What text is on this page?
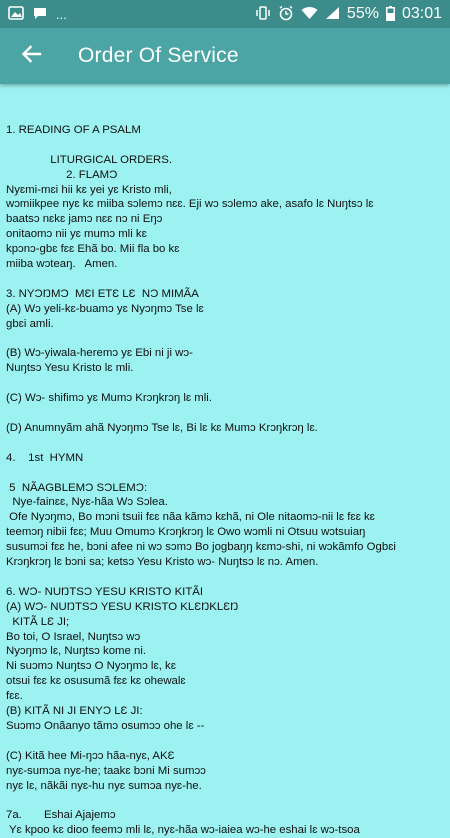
...	55% 03:01
Order Of Service
1. READING OF A PSALM
LITURGICAL ORDERS.
2. FLAMƆ
Nyɛmi-mɛi hii kɛ yei yɛ Kristo mli,
wɔmiikpee nyɛ kɛ miiba sɔlemɔ nɛɛ. Eji wɔ sɔlemɔ ake, asafo lɛ Nuŋtsɔ lɛ
baatsɔ nɛkɛ jamɔ nɛɛ nɔ ni Eŋɔ
onitaomɔ nii yɛ mumɔ mli kɛ
kpɔnɔ-gbɛ fɛɛ Ehã bo. Mii fla bo kɛ
miiba wɔteaŋ.   Amen.
3. NYƆŊMƆ  MƐI ETƐ LƐ  NƆ MIMÃA
(A) Wɔ yeli-kɛ-buamɔ yɛ Nyɔŋmɔ Tse lɛ
gbɛi amli.
(B) Wɔ-yiwala-heremɔ yɛ Ebi ni ji wɔ-
Nuŋtsɔ Yesu Kristo lɛ mli.
(C) Wɔ- shifimɔ yɛ Mumɔ Krɔŋkrɔŋ lɛ mli.
(D) Anumnyãm ahã Nyɔŋmɔ Tse lɛ, Bi lɛ kɛ Mumɔ Krɔŋkrɔŋ lɛ.
4.    1st  HYMN
5  NÃAGBLEMƆ SƆLEMƆ:
Nye-fainɛɛ, Nyɛ-hãa Wɔ Sɔlea.
Ofe Nyɔŋmɔ, Bo mɔni tsuii fɛɛ nãa kãmɔ kɛhã, ni Ole nitaomɔ-nii lɛ fɛɛ kɛ
teemɔŋ nibii fɛɛ; Muu Omumɔ Krɔŋkrɔŋ lɛ Owo wɔmli ni Otsuu wɔtsuiaŋ
susumɔi fɛɛ he, bɔni afee ni wɔ sɔmɔ Bo jogbaŋŋ kɛmɔ-shi, ni wɔkãmfo Ogbɛi
Krɔŋkrɔŋ lɛ bɔni sa; ketsɔ Yesu Kristo wɔ- Nuŋtsɔ lɛ nɔ. Amen.
6. WƆ- NUŊTSƆ YESU KRISTO KITÃI
(A) WƆ- NUŊTSƆ YESU KRISTO KLƐŊKLƐŊ
KITÃ LƐ JI;
Bo toi, O Israel, Nuŋtsɔ wɔ
Nyɔŋmɔ lɛ, Nuŋtsɔ kome ni.
Ni suɔmɔ Nuŋtsɔ O Nyɔŋmɔ lɛ, kɛ
otsui fɛɛ kɛ osusumã fɛɛ kɛ ohewalɛ
fɛɛ.
(B) KITÃ NI JI ENYƆ LƐ JI:
Suɔmɔ Onãanyo tãmɔ osumɔɔ ohe lɛ --
(C) Kitã hee Mi-ŋɔɔ hãa-nyɛ, AKƐ
nyɛ-sumɔa nyɛ-he; taakɛ bɔni Mi sumɔɔ
nyɛ lɛ, nãkãi nyɛ-hu nyɛ sumɔa nyɛ-he.
7a.       Eshai Ajajemɔ
Yɛ kpoo kɛ dioo feemɔ mli lɛ, nyɛ-hãa wɔ-iaiea wɔ-he eshai lɛ wɔ-tsoa
